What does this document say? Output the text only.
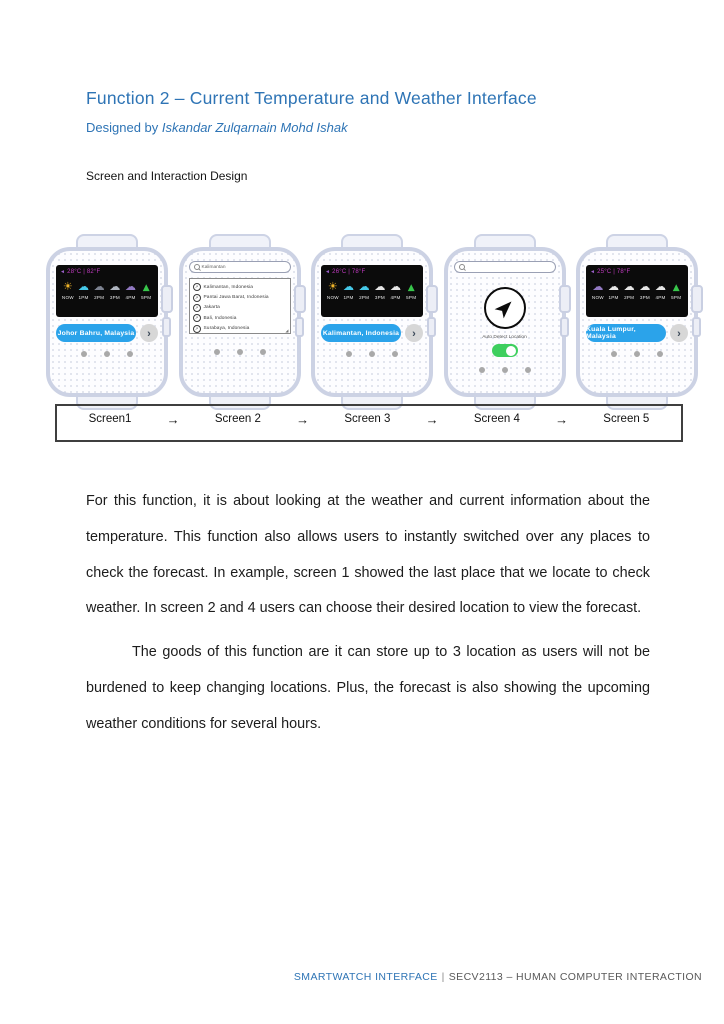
Function 2 – Current Temperature and Weather Interface
Designed by Iskandar Zulqarnain Mohd Ishak
Screen and Interaction Design
◄
28°C | 82°F
☀
NOW
☁	1PM
☁	2PM
☁	3PM
☁	4PM
▲	5PM
Johor Bahru, Malaysia
›
Kalimantan
↗
Kalimantan, Indonesia
↗
Pantai Jawa Barat, Indonesia
↗
Jakarta
↗
Bali, Indonesia
↗
Surabaya, Indonesia
◢
◄
26°C | 78°F
☀
NOW
☁	1PM
☁	2PM
☁	3PM
☁	4PM
▲	5PM
Kalimantan, Indonesia
›
Auto Detect Location
◄
25°C | 78°F
☁
NOW
☁	1PM
☁	2PM
☁	3PM
☁	4PM
▲	5PM
Kuala Lumpur, Malaysia
›
Screen1	→	Screen 2	→	Screen 3	→	Screen 4	→	Screen 5

For this function, it is about looking at the weather and current information about the temperature. This function also allows users to instantly switched over any places to check the forecast. In example, screen 1 showed the last place that we locate to check weather. In screen 2 and 4 users can choose their desired location to view the forecast.

The goods of this function are it can store up to 3 location as users will not be burdened to keep changing locations. Plus, the forecast is also showing the upcoming weather conditions for several hours.

SMARTWATCH INTERFACE | SECV2113 – HUMAN COMPUTER INTERACTION
